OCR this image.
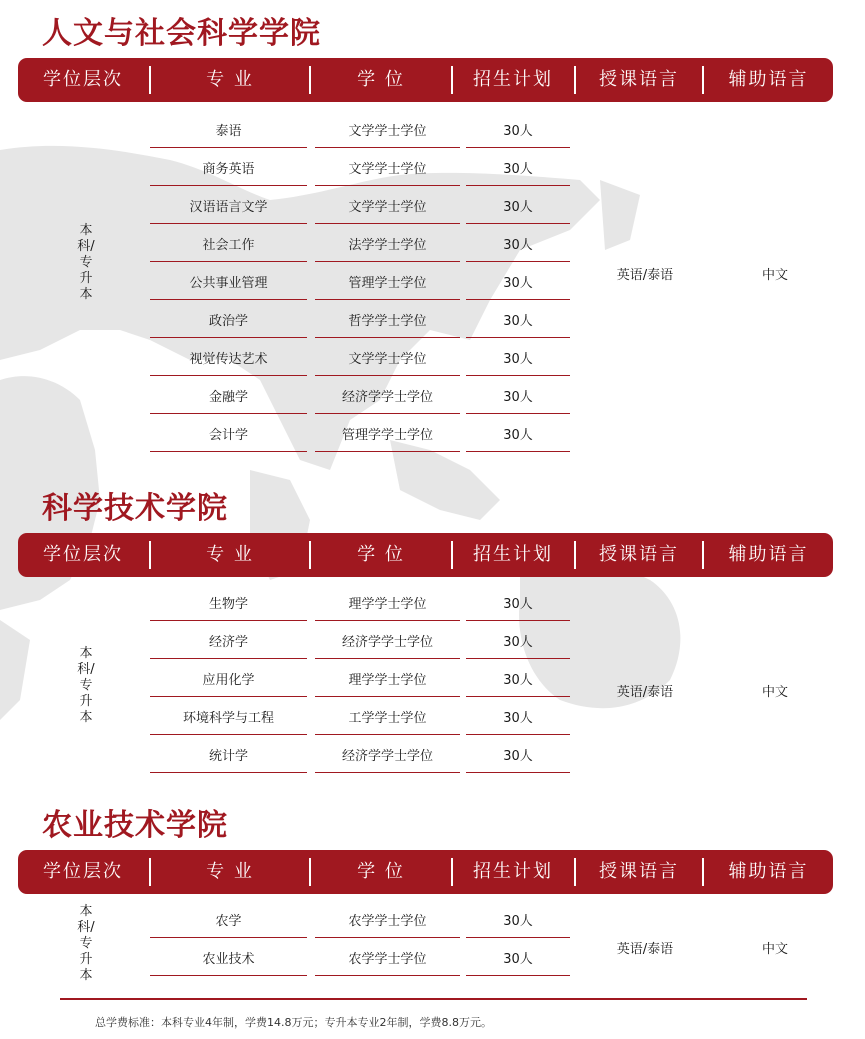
人文与社会科学学院
学位层次	专 业	学 位	招生计划	授课语言	辅助语言
本科/专升本
泰语	文学学士学位	30人
商务英语	文学学士学位	30人
汉语语言文学	文学学士学位	30人
社会工作	法学学士学位	30人
公共事业管理	管理学士学位	30人
政治学	哲学学士学位	30人
视觉传达艺术	文学学士学位	30人
金融学	经济学学士学位	30人
会计学	管理学学士学位	30人
英语/泰语	中文
科学技术学院
学位层次	专 业	学 位	招生计划	授课语言	辅助语言
本科/专升本
生物学	理学学士学位	30人
经济学	经济学学士学位	30人
应用化学	理学学士学位	30人
环境科学与工程	工学学士学位	30人
统计学	经济学学士学位	30人
英语/泰语	中文
农业技术学院
学位层次	专 业	学 位	招生计划	授课语言	辅助语言
本科/专升本
农学	农学学士学位	30人
农业技术	农学学士学位	30人
英语/泰语	中文
总学费标准：本科专业4年制，学费14.8万元；专升本专业2年制，学费8.8万元。
